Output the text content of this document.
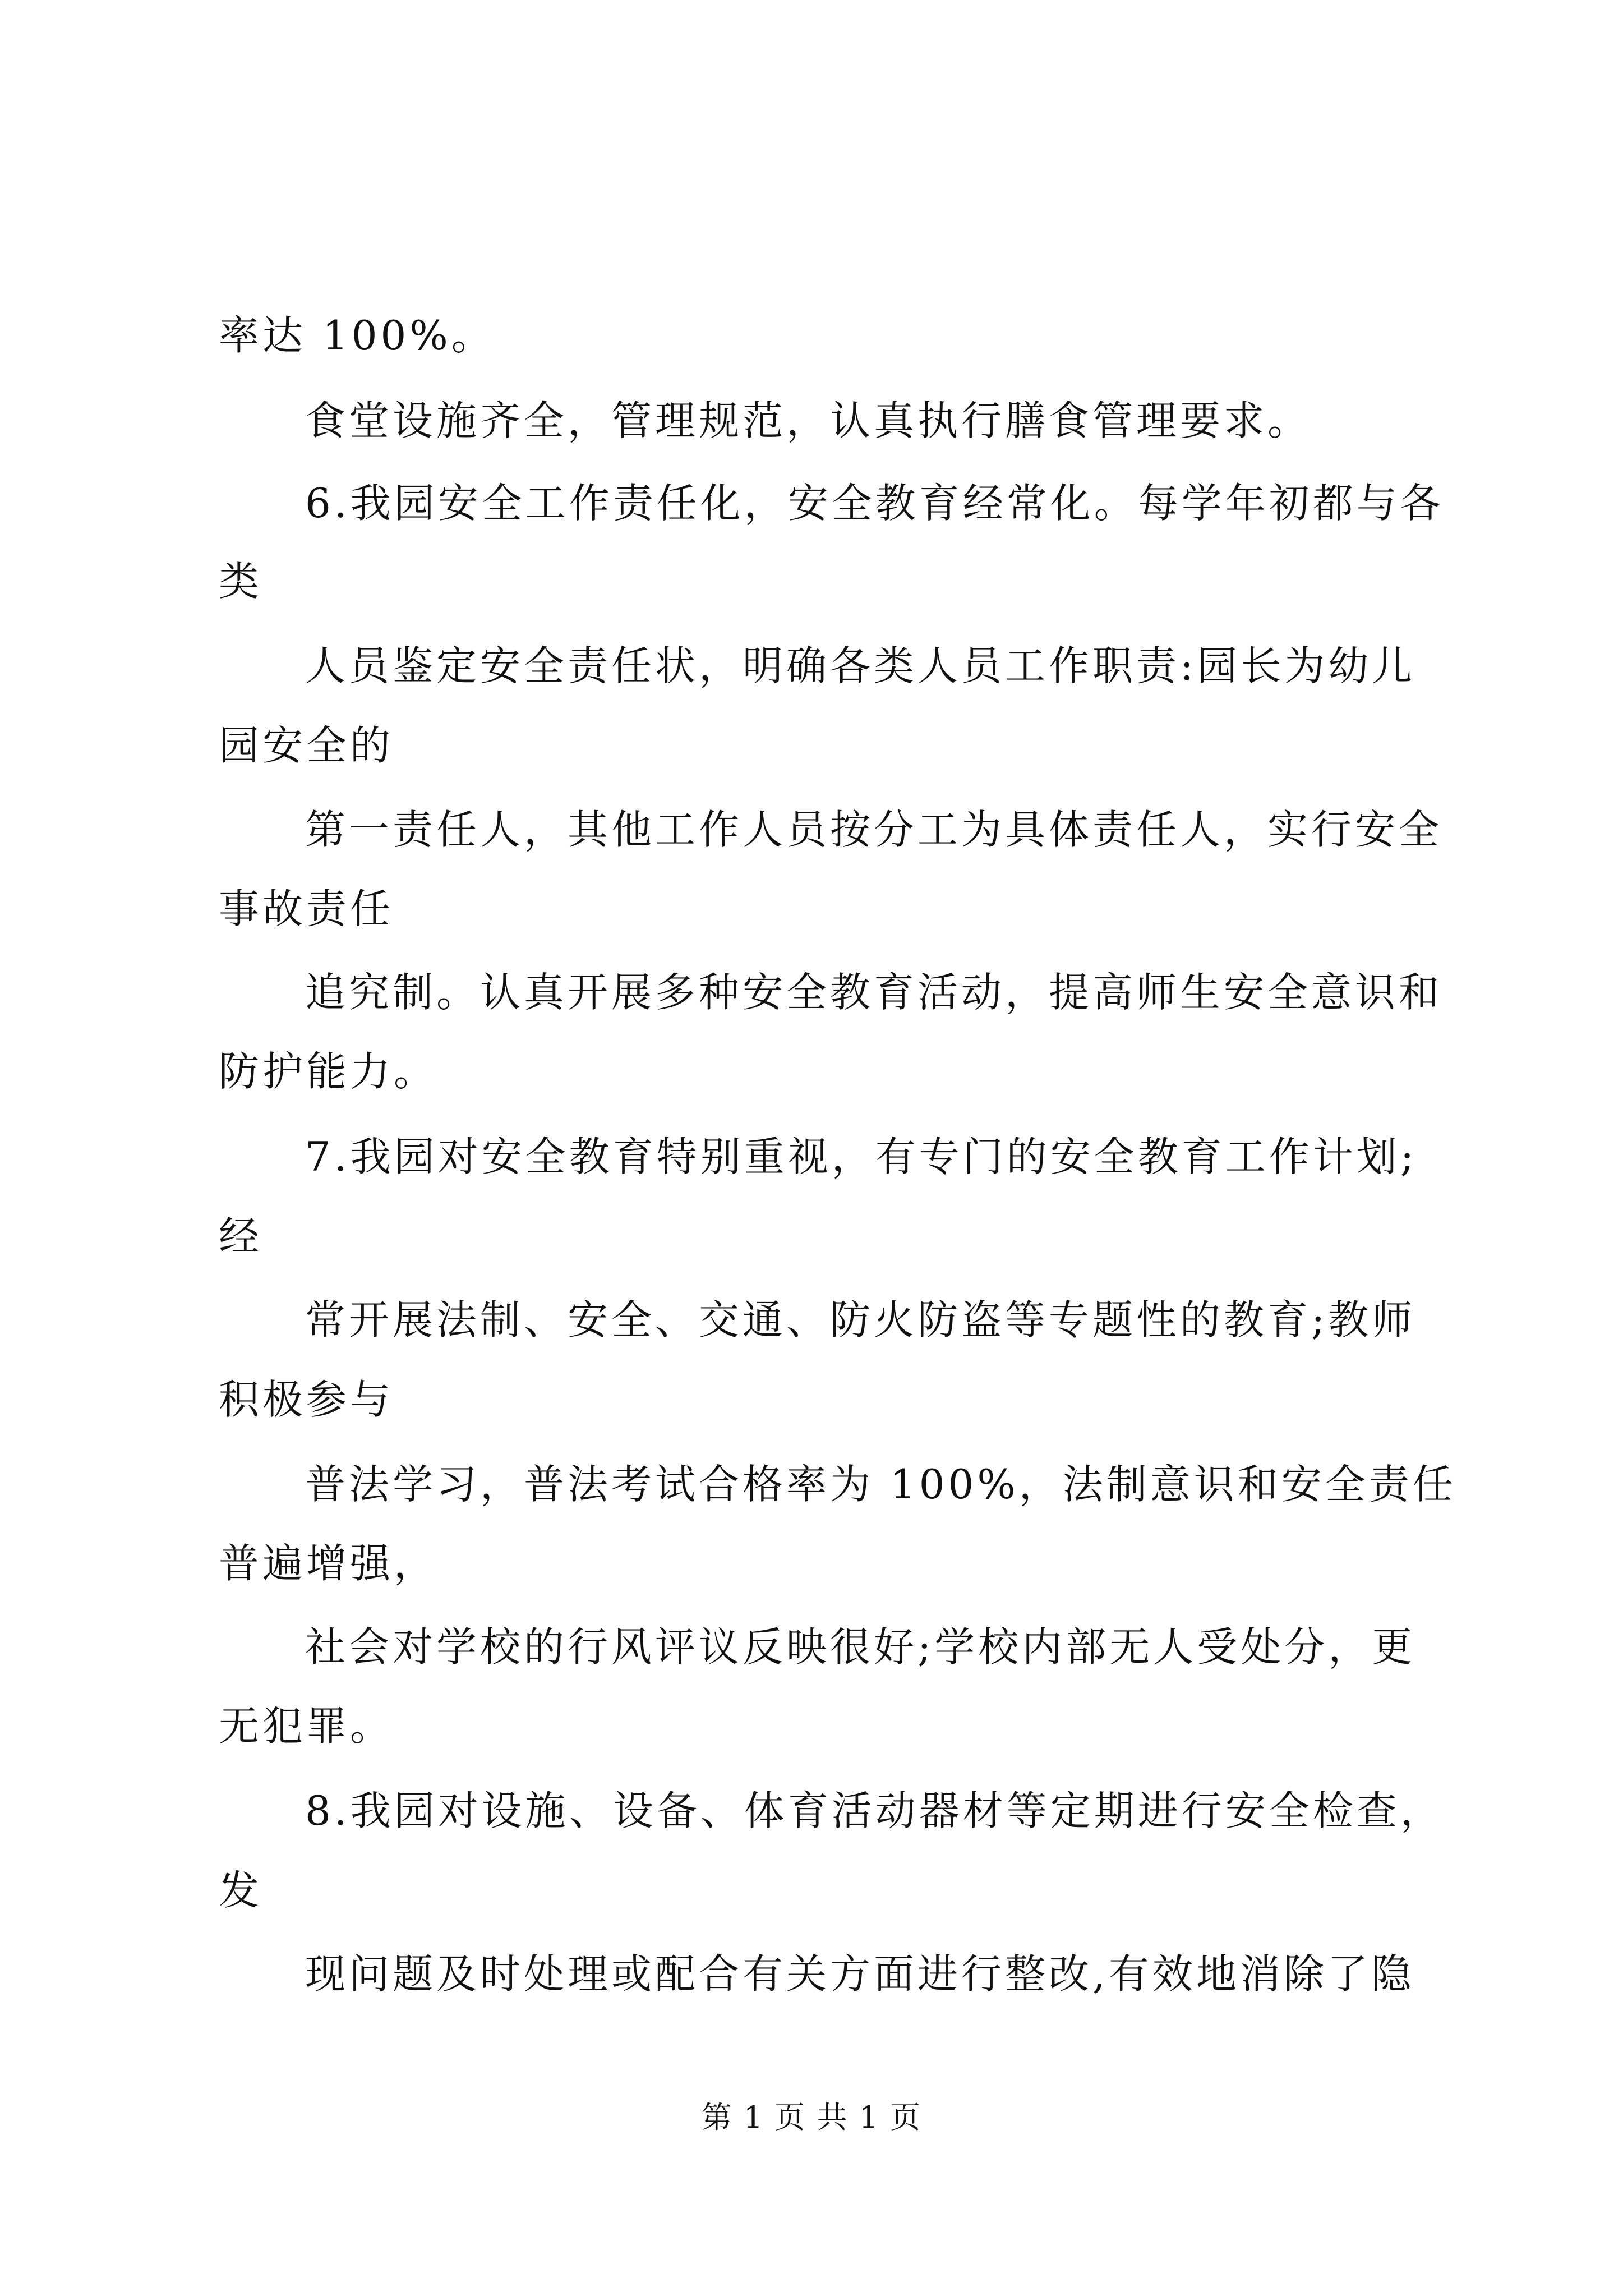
率达 100%。
食堂设施齐全，管理规范，认真执行膳食管理要求。
6.我园安全工作责任化，安全教育经常化。每学年初都与各
类
人员鉴定安全责任状，明确各类人员工作职责:园长为幼儿
园安全的
第一责任人，其他工作人员按分工为具体责任人，实行安全
事故责任
追究制。认真开展多种安全教育活动，提高师生安全意识和
防护能力。
7.我园对安全教育特别重视，有专门的安全教育工作计划;
经
常开展法制、安全、交通、防火防盗等专题性的教育;教师
积极参与
普法学习，普法考试合格率为 100%，法制意识和安全责任
普遍增强，
社会对学校的行风评议反映很好;学校内部无人受处分，更
无犯罪。
8.我园对设施、设备、体育活动器材等定期进行安全检查，
发
现问题及时处理或配合有关方面进行整改,有效地消除了隐
第 1 页 共 1 页
